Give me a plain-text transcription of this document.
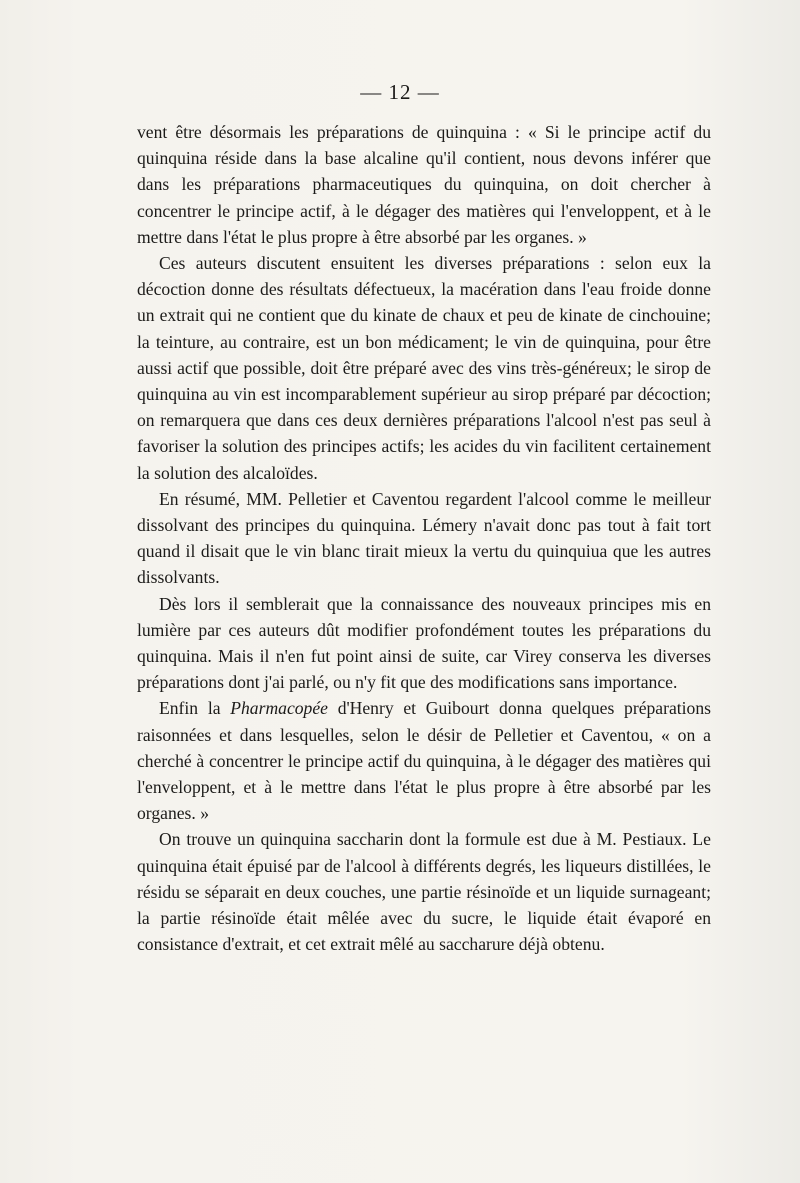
— 12 —

vent être désormais les préparations de quinquina : « Si le principe actif du quinquina réside dans la base alcaline qu'il contient, nous devons inférer que dans les préparations pharmaceutiques du quinquina, on doit chercher à concentrer le principe actif, à le dégager des matières qui l'enveloppent, et à le mettre dans l'état le plus propre à être absorbé par les organes. »

Ces auteurs discutent ensuitent les diverses préparations : selon eux la décoction donne des résultats défectueux, la macération dans l'eau froide donne un extrait qui ne contient que du kinate de chaux et peu de kinate de cinchouine; la teinture, au contraire, est un bon médicament; le vin de quinquina, pour être aussi actif que possible, doit être préparé avec des vins très-généreux; le sirop de quinquina au vin est incomparablement supérieur au sirop préparé par décoction; on remarquera que dans ces deux dernières préparations l'alcool n'est pas seul à favoriser la solution des principes actifs; les acides du vin facilitent certainement la solution des alcaloïdes.

En résumé, MM. Pelletier et Caventou regardent l'alcool comme le meilleur dissolvant des principes du quinquina. Lémery n'avait donc pas tout à fait tort quand il disait que le vin blanc tirait mieux la vertu du quinquiua que les autres dissolvants.

Dès lors il semblerait que la connaissance des nouveaux principes mis en lumière par ces auteurs dût modifier profondément toutes les préparations du quinquina. Mais il n'en fut point ainsi de suite, car Virey conserva les diverses préparations dont j'ai parlé, ou n'y fit que des modifications sans importance.

Enfin la Pharmacopée d'Henry et Guibourt donna quelques préparations raisonnées et dans lesquelles, selon le désir de Pelletier et Caventou, « on a cherché à concentrer le principe actif du quinquina, à le dégager des matières qui l'enveloppent, et à le mettre dans l'état le plus propre à être absorbé par les organes. »

On trouve un quinquina saccharin dont la formule est due à M. Pestiaux. Le quinquina était épuisé par de l'alcool à différents degrés, les liqueurs distillées, le résidu se séparait en deux couches, une partie résinoïde et un liquide surnageant; la partie résinoïde était mêlée avec du sucre, le liquide était évaporé en consistance d'extrait, et cet extrait mêlé au saccharure déjà obtenu.
